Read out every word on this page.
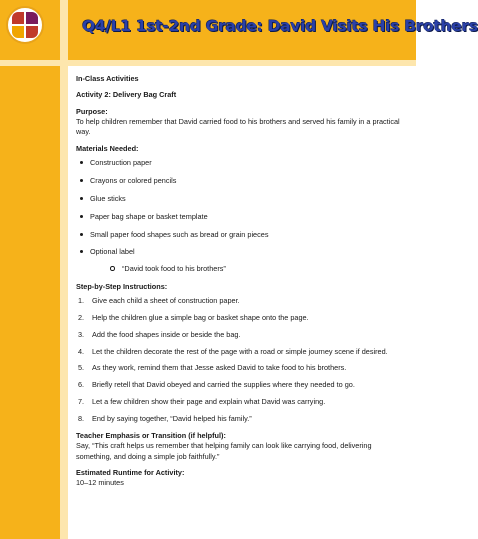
Q4/L1 1st-2nd Grade: David Visits His Brothers

In-Class Activities

Activity 2: Delivery Bag Craft

Purpose:

To help children remember that David carried food to his brothers and served his family in a practical way.

Materials Needed:

Construction paper
Crayons or colored pencils
Glue sticks
Paper bag shape or basket template
Small paper food shapes such as bread or grain pieces
Optional label
“David took food to his brothers”

Step-by-Step Instructions:

1.	Give each child a sheet of construction paper.
2.	Help the children glue a simple bag or basket shape onto the page.
3.	Add the food shapes inside or beside the bag.
4.	Let the children decorate the rest of the page with a road or simple journey scene if desired.
5.	As they work, remind them that Jesse asked David to take food to his brothers.
6.	Briefly retell that David obeyed and carried the supplies where they needed to go.
7.	Let a few children show their page and explain what David was carrying.
8.	End by saying together, “David helped his family.”

Teacher Emphasis or Transition (if helpful):

Say, “This craft helps us remember that helping family can look like carrying food, delivering something, and doing a simple job faithfully.”

Estimated Runtime for Activity:

10–12 minutes
